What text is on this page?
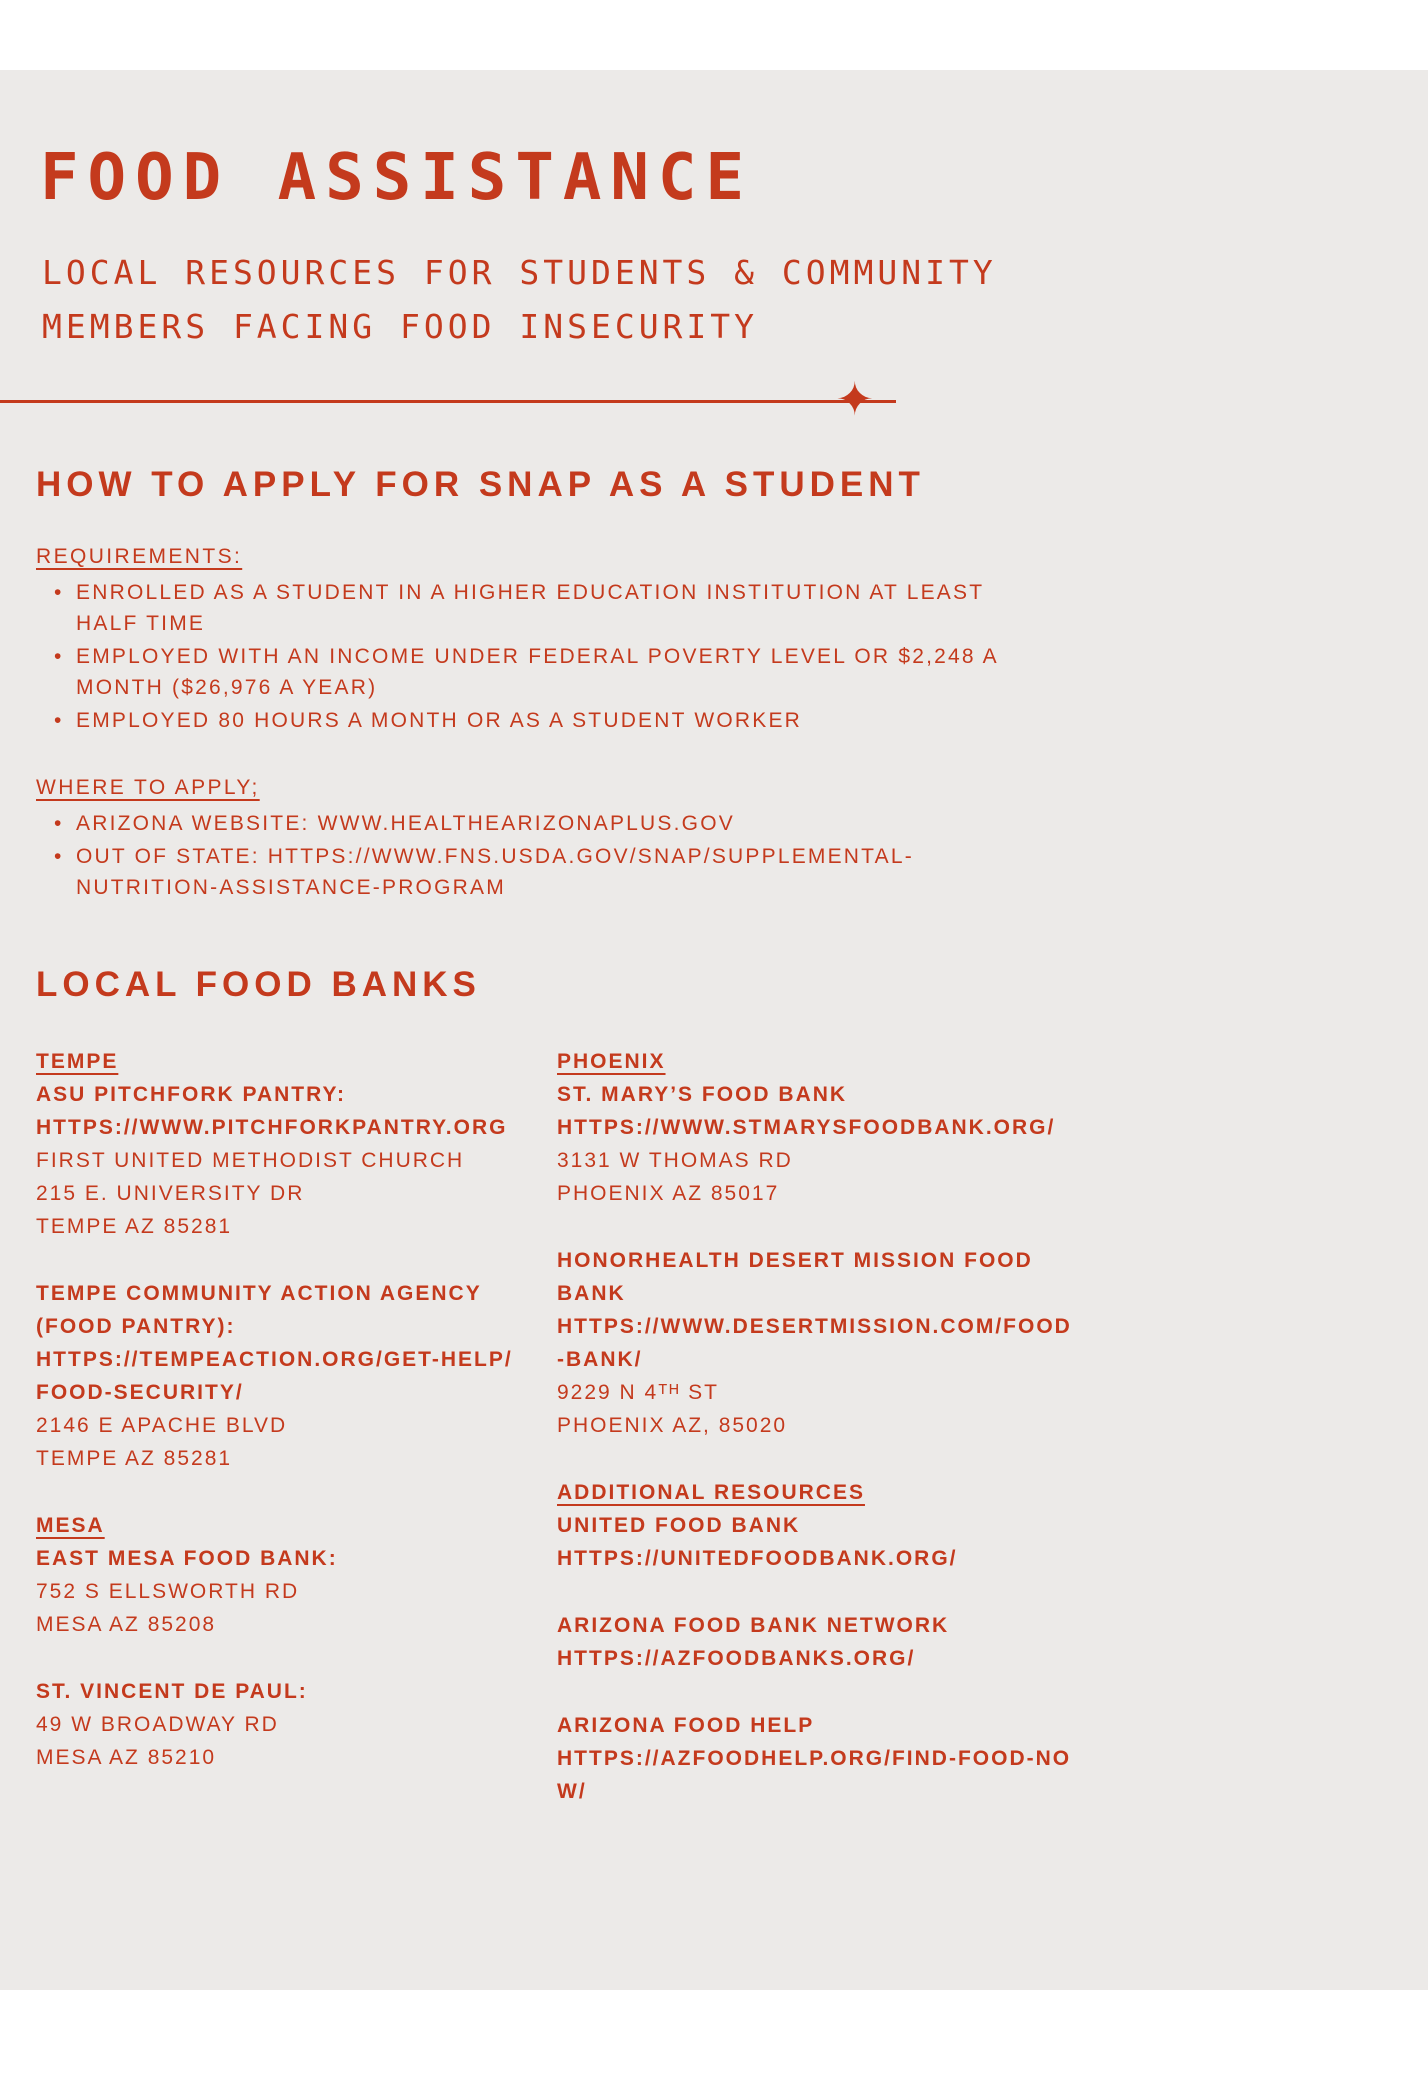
FOOD ASSISTANCE
LOCAL RESOURCES FOR STUDENTS & COMMUNITY
MEMBERS FACING FOOD INSECURITY
✦
HOW TO APPLY FOR SNAP AS A STUDENT
REQUIREMENTS:
• ENROLLED AS A STUDENT IN A HIGHER EDUCATION INSTITUTION AT LEAST HALF TIME
• EMPLOYED WITH AN INCOME UNDER FEDERAL POVERTY LEVEL OR $2,248 A MONTH ($26,976 A YEAR)
• EMPLOYED 80 HOURS A MONTH OR AS A STUDENT WORKER
WHERE TO APPLY;
• ARIZONA WEBSITE: WWW.HEALTHEARIZONAPLUS.GOV
• OUT OF STATE: HTTPS://WWW.FNS.USDA.GOV/SNAP/SUPPLEMENTAL-NUTRITION-ASSISTANCE-PROGRAM
LOCAL FOOD BANKS
TEMPE
ASU PITCHFORK PANTRY:
HTTPS://WWW.PITCHFORKPANTRY.ORG
FIRST UNITED METHODIST CHURCH
215 E. UNIVERSITY DR
TEMPE AZ 85281
TEMPE COMMUNITY ACTION AGENCY (FOOD PANTRY):
HTTPS://TEMPEACTION.ORG/GET-HELP/FOOD-SECURITY/
2146 E APACHE BLVD
TEMPE AZ 85281
MESA
EAST MESA FOOD BANK:
752 S ELLSWORTH RD
MESA AZ 85208
ST. VINCENT DE PAUL:
49 W BROADWAY RD
MESA AZ 85210
PHOENIX
ST. MARY’S FOOD BANK
HTTPS://WWW.STMARYSFOODBANK.ORG/
3131 W THOMAS RD
PHOENIX AZ 85017
HONORHEALTH DESERT MISSION FOOD BANK
HTTPS://WWW.DESERTMISSION.COM/FOOD-BANK/
9229 N 4ᵀᴴ ST
PHOENIX AZ, 85020
ADDITIONAL RESOURCES
UNITED FOOD BANK
HTTPS://UNITEDFOODBANK.ORG/
ARIZONA FOOD BANK NETWORK
HTTPS://AZFOODBANKS.ORG/
ARIZONA FOOD HELP
HTTPS://AZFOODHELP.ORG/FIND-FOOD-NOW/
